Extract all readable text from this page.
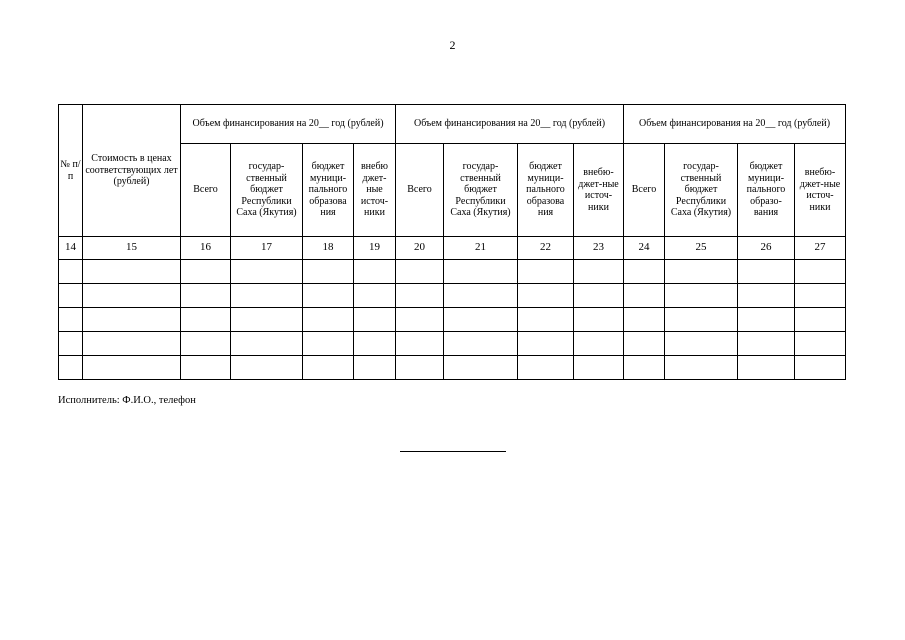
2
№ п/п	Стоимость в ценах соответствующих лет (рублей)	Объем финансирования на 20__ год (рублей)				Объем финансирования на 20__ год (рублей)				Объем финансирования на 20__ год (рублей)			
		Всего	государ-ственный бюджет Республики Саха (Якутия)	бюджет муници-пального образова ния	внебю джет-ные источ-ники	Всего	государ-ственный бюджет Республики Саха (Якутия)	бюджет муници-пального образова ния	внебю-джет-ные источ-ники	Всего	государ-ственный бюджет Республики Саха (Якутия)	бюджет муници-пального образо-вания	внебю-джет-ные источ-ники
14	15	16	17	18	19	20	21	22	23	24	25	26	27

Исполнитель: Ф.И.О., телефон
